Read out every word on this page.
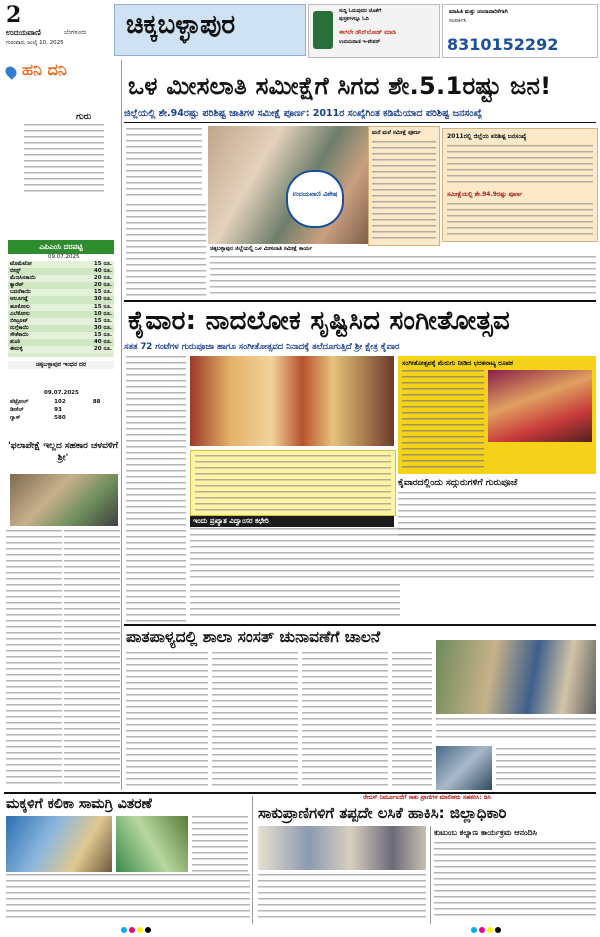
2
ಉದಯವಾಣಿ	ಬೆಂಗಳೂರು
ಗುರುವಾರ, ಜುಲೈ 10, 2025
ಚಿಕ್ಕಬಳ್ಳಾಪುರ	ಸುದ್ದಿ ಓದುವುದರ ಜೊತೆಗೆ
ಪುಸ್ತಕಗಳನ್ನೂ ಓದಿ
ಈಗಲೇ ಡೌನ್‌ಲೋಡ್ ಮಾಡಿ
ಉದಯವಾಣಿ ಇ-ಪೇಪರ್
ಮಾಹಿತಿ ಮತ್ತು ಚಂದಾದಾರಿಕೆಗಾಗಿ
ಸಂಪರ್ಕಿಸಿ
8310152292
ಹನಿ ದನಿ
ಗುರು
ಎಪಿಎಂಸಿ ದರಪಟ್ಟಿ
09.07.2025
ಟೊಮೆಟೋ	15 ರೂ.
ಬೀನ್ಸ್	40 ರೂ.
ಮೆಣಸಿನಕಾಯಿ	20 ರೂ.
ಕ್ಯಾರೆಟ್	20 ರೂ.
ಬದನೆಕಾಯಿ	15 ರೂ.
ಆಲೂಗಡ್ಡೆ	30 ರೂ.
ಹೂಕೋಸು	15 ರೂ.
ಎಲೆಕೋಸು	10 ರೂ.
ಬೀಟ್ರೂಟ್	15 ರೂ.
ನುಗ್ಗೆಕಾಯಿ	30 ರೂ.
ಸೌತೆಕಾಯಿ	15 ರೂ.
ಶುಂಠಿ	40 ರೂ.
ಈರುಳ್ಳಿ	20 ರೂ.
ಚಿಕ್ಕಬಳ್ಳಾಪುರ ಇಂಧನ ದರ
09.07.2025
ಪೆಟ್ರೋಲ್	102		88
ಡೀಸೆಲ್	93		
ಗ್ಯಾಸ್	580		
'ಫಲಾಪೇಕ್ಷೆ ಇಲ್ಲದ ಸಹಕಾರ ಚಳವಳಿಗೆ ಶ್ರೀ'
ಒಳ ಮೀಸಲಾತಿ ಸಮೀಕ್ಷೆಗೆ ಸಿಗದ ಶೇ.5.1ರಷ್ಟು ಜನ!
ಜಿಲ್ಲೆಯಲ್ಲಿ ಶೇ.94ರಷ್ಟು ಪರಿಶಿಷ್ಟ ಜಾತಿಗಳ ಸಮೀಕ್ಷೆ ಪೂರ್ಣ: 2011ರ ಸಂಖ್ಯೆಗಿಂತ ಕಡಿಮೆಯಾದ ಪರಿಶಿಷ್ಟ ಜನಸಂಖ್ಯೆ
ಉದಯವಾಣಿ ವಿಶೇಷ
ಚಿಕ್ಕಬಳ್ಳಾಪುರ ಜಿಲ್ಲೆಯಲ್ಲಿ ಒಳ ಮೀಸಲಾತಿ ಸಮೀಕ್ಷೆ ಕಾರ್ಯ
2011ರಲ್ಲಿ ಜಿಲ್ಲೆಯ ಪರಿಶಿಷ್ಟ ಜನಸಂಖ್ಯೆ
ಸಮೀಕ್ಷೆಯಲ್ಲಿ ಶೇ.94.9ರಷ್ಟು ಪೂರ್ಣ
ಮನೆ ಮನೆ ಸಮೀಕ್ಷೆ ಪೂರ್ಣ
ಕೈವಾರ: ನಾದಲೋಕ ಸೃಷ್ಟಿಸಿದ ಸಂಗೀತೋತ್ಸವ
ಸತತ 72 ಗಂಟೆಗಳ ಗುರುಪೂಜಾ ಹಾಗೂ ಸಂಗೀತೋತ್ಸವದ ನಿನಾದಕ್ಕೆ ತಲೆದೂಗುತ್ತಿದೆ ಶ್ರೀ ಕ್ಷೇತ್ರ ಕೈವಾರ
ಸಂಗೀತೋತ್ಸವಕ್ಕೆ ಮೆರುಗು ನೀಡಿದ ಭರತನಾಟ್ಯ ರೂಪಕ
ಕೈವಾರದಲ್ಲಿಂದು ಸದ್ಗುರುಗಳಿಗೆ ಗುರುಪೂಜೆ
ಇಂದು ಪ್ರಖ್ಯಾತ ವಿದ್ವಾಂಸರ ಕಛೇರಿ
ಪಾತಪಾಳ್ಯದಲ್ಲಿ ಶಾಲಾ ಸಂಸತ್ ಚುನಾವಣೆಗೆ ಚಾಲನೆ
ಮಕ್ಕಳಿಗೆ ಕಲಿಕಾ ಸಾಮಗ್ರಿ ವಿತರಣೆ	ರೇಬಿಸ್ ನಿರ್ಮೂಲನೆಗೆ ಸಾಕು ಪ್ರಾಣಿಗಳ ಮಾಲೀಕರು ಸಹಕರಿಸಿ: ಡಿಸಿ
ಸಾಕುಪ್ರಾಣಿಗಳಿಗೆ ತಪ್ಪದೇ ಲಸಿಕೆ ಹಾಕಿಸಿ: ಜಿಲ್ಲಾಧಿಕಾರಿ
ಕುಟುಂಬ ಕಲ್ಯಾಣ ಕಾರ್ಯಕ್ರಮ ಆನಂದಿಸಿ
